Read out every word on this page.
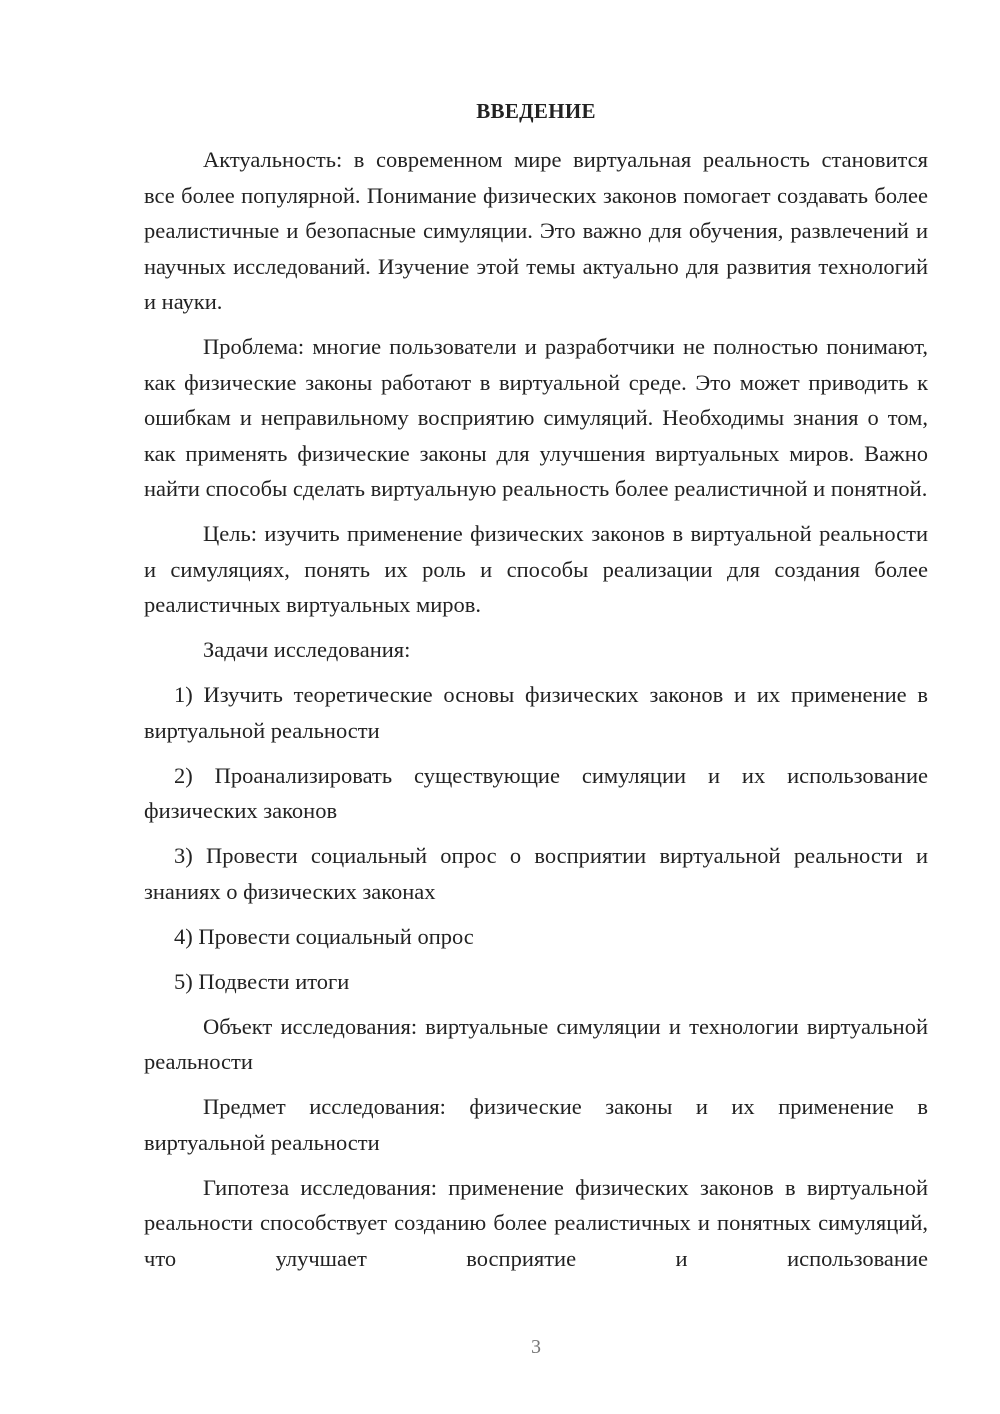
ВВЕДЕНИЕ

Актуальность: в современном мире виртуальная реальность становится все более популярной. Понимание физических законов помогает создавать более реалистичные и безопасные симуляции. Это важно для обучения, развлечений и научных исследований. Изучение этой темы актуально для развития технологий и науки.

Проблема: многие пользователи и разработчики не полностью понимают, как физические законы работают в виртуальной среде. Это может приводить к ошибкам и неправильному восприятию симуляций. Необходимы знания о том, как применять физические законы для улучшения виртуальных миров. Важно найти способы сделать виртуальную реальность более реалистичной и понятной.

Цель: изучить применение физических законов в виртуальной реальности и симуляциях, понять их роль и способы реализации для создания более реалистичных виртуальных миров.

Задачи исследования:

1) Изучить теоретические основы физических законов и их применение в виртуальной реальности

2) Проанализировать существующие симуляции и их использование физических законов

3) Провести социальный опрос о восприятии виртуальной реальности и знаниях о физических законах

4) Провести социальный опрос

5) Подвести итоги

Объект исследования: виртуальные симуляции и технологии виртуальной реальности

Предмет исследования: физические законы и их применение в виртуальной реальности

Гипотеза исследования: применение физических законов в виртуальной реальности способствует созданию более реалистичных и понятных симуляций, что улучшает восприятие и использование

3
